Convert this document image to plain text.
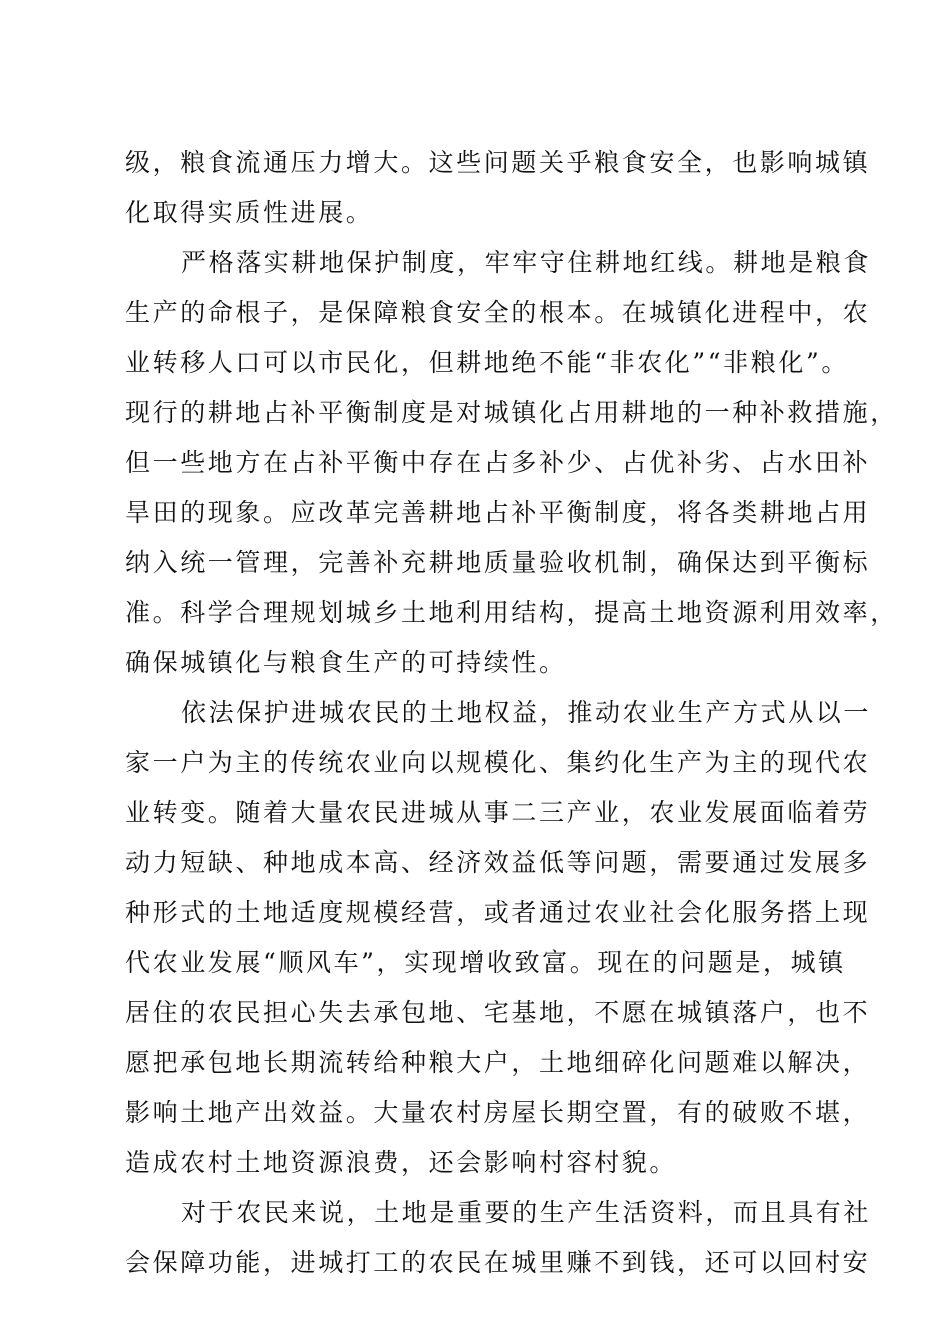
级，粮食流通压力增大。这些问题关乎粮食安全，也影响城镇
化取得实质性进展。
严格落实耕地保护制度，牢牢守住耕地红线。耕地是粮食
生产的命根子，是保障粮食安全的根本。在城镇化进程中，农
业转移人口可以市民化，但耕地绝不能“非农化”“非粮化”。
现行的耕地占补平衡制度是对城镇化占用耕地的一种补救措施，
但一些地方在占补平衡中存在占多补少、占优补劣、占水田补
旱田的现象。应改革完善耕地占补平衡制度，将各类耕地占用
纳入统一管理，完善补充耕地质量验收机制，确保达到平衡标
准。科学合理规划城乡土地利用结构，提高土地资源利用效率，
确保城镇化与粮食生产的可持续性。
依法保护进城农民的土地权益，推动农业生产方式从以一
家一户为主的传统农业向以规模化、集约化生产为主的现代农
业转变。随着大量农民进城从事二三产业，农业发展面临着劳
动力短缺、种地成本高、经济效益低等问题，需要通过发展多
种形式的土地适度规模经营，或者通过农业社会化服务搭上现
代农业发展“顺风车”，实现增收致富。现在的问题是，城镇
居住的农民担心失去承包地、宅基地，不愿在城镇落户，也不
愿把承包地长期流转给种粮大户，土地细碎化问题难以解决，
影响土地产出效益。大量农村房屋长期空置，有的破败不堪，
造成农村土地资源浪费，还会影响村容村貌。
对于农民来说，土地是重要的生产生活资料，而且具有社
会保障功能，进城打工的农民在城里赚不到钱，还可以回村安
